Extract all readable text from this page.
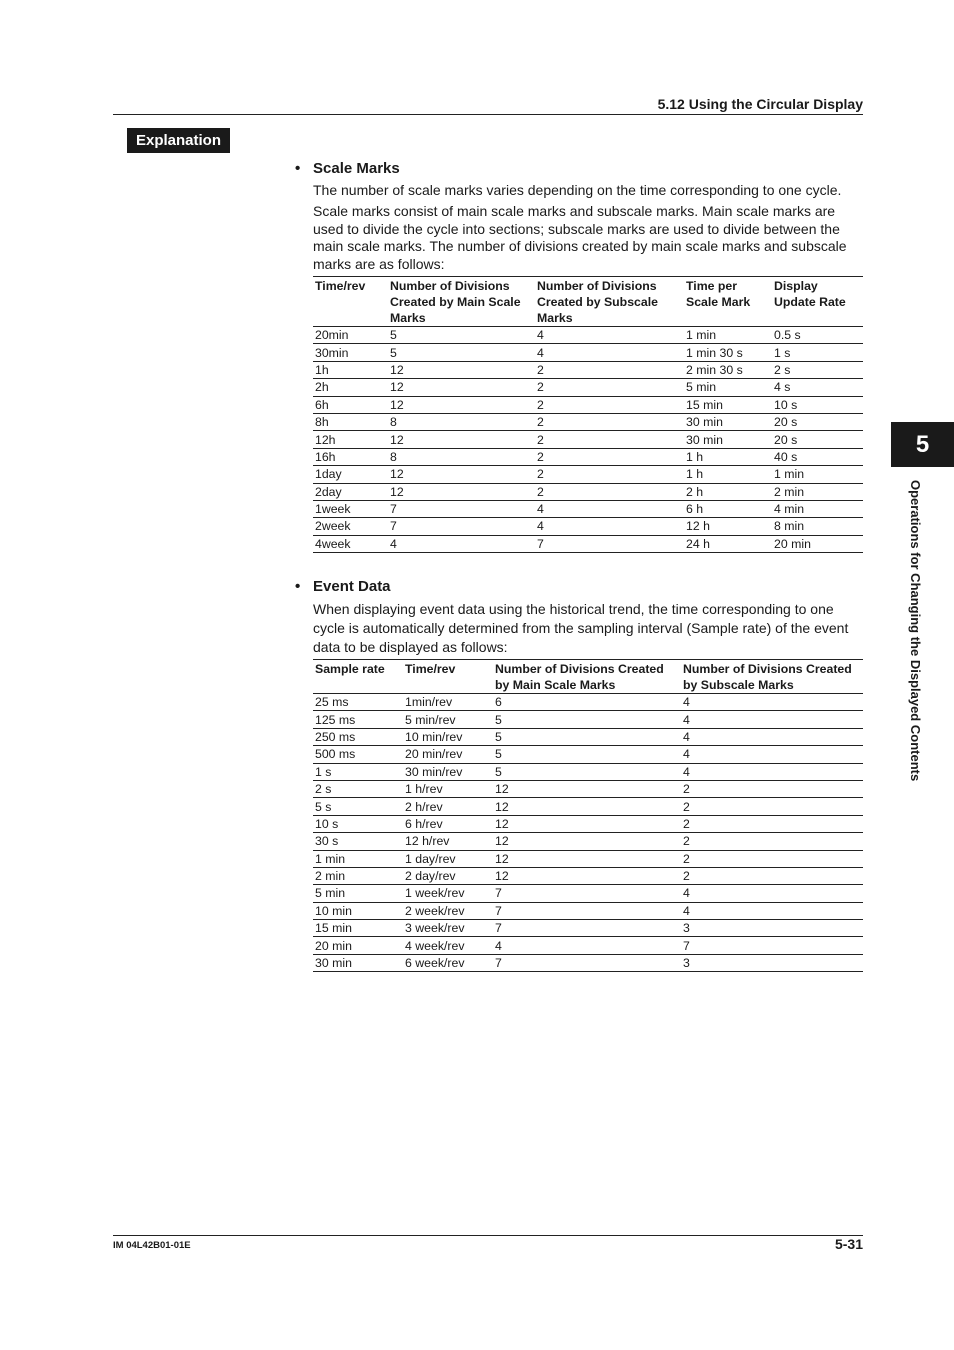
5.12 Using the Circular Display
Explanation
• Scale Marks
The number of scale marks varies depending on the time corresponding to one cycle.
Scale marks consist of main scale marks and subscale marks. Main scale marks are used to divide the cycle into sections; subscale marks are used to divide between the main scale marks. The number of divisions created by main scale marks and subscale marks are as follows:
Time/rev	Number of Divisions Created by Main Scale Marks	Number of Divisions Created by Subscale Marks	Time per Scale Mark	Display Update Rate
20min	5	4	1 min	0.5 s
30min	5	4	1 min 30 s	1 s
1h	12	2	2 min 30 s	2 s
2h	12	2	5 min	4 s
6h	12	2	15 min	10 s
8h	8	2	30 min	20 s
12h	12	2	30 min	20 s
16h	8	2	1 h	40 s
1day	12	2	1 h	1 min
2day	12	2	2 h	2 min
1week	7	4	6 h	4 min
2week	7	4	12 h	8 min
4week	4	7	24 h	20 min
• Event Data
When displaying event data using the historical trend, the time corresponding to one cycle is automatically determined from the sampling interval (Sample rate) of the event data to be displayed as follows:
Sample rate	Time/rev	Number of Divisions Created by Main Scale Marks	Number of Divisions Created by Subscale Marks
25 ms	1min/rev	6	4
125 ms	5 min/rev	5	4
250 ms	10 min/rev	5	4
500 ms	20 min/rev	5	4
1 s	30 min/rev	5	4
2 s	1 h/rev	12	2
5 s	2 h/rev	12	2
10 s	6 h/rev	12	2
30 s	12 h/rev	12	2
1 min	1 day/rev	12	2
2 min	2 day/rev	12	2
5 min	1 week/rev	7	4
10 min	2 week/rev	7	4
15 min	3 week/rev	7	3
20 min	4 week/rev	4	7
30 min	6 week/rev	7	3
5
Operations for Changing the Displayed Contents
IM 04L42B01-01E	5-31
